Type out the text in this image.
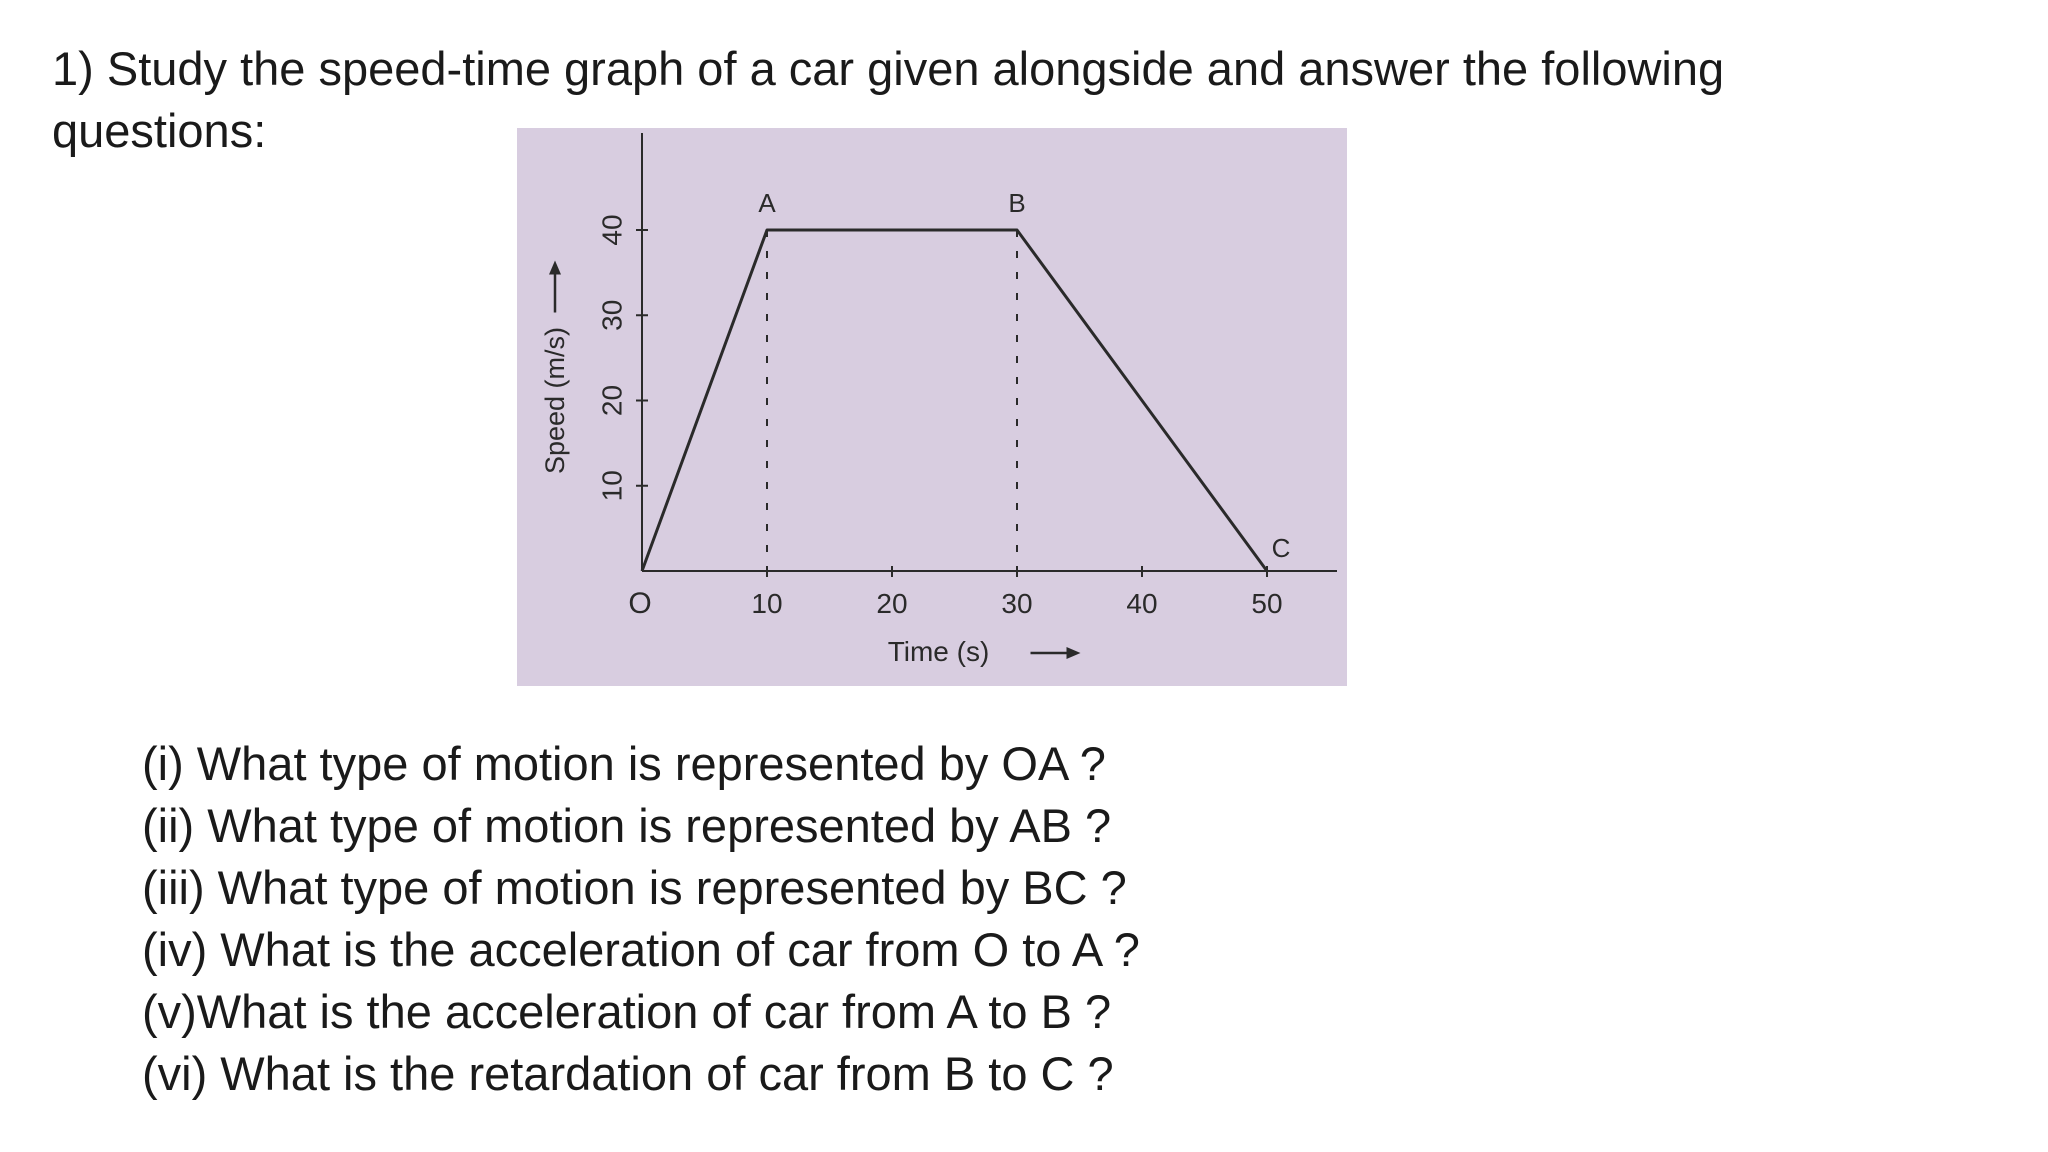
1) Study the speed-time graph of a car given alongside and answer the following
questions:
10	20	30	40	50
10
20
30
40
O
Time (s)
Speed (m/s)
A	B
C
(i) What type of motion is represented by OA ?
(ii) What type of motion is represented by AB ?
(iii) What type of motion is represented by BC ?
(iv) What is the acceleration of car from O to A ?
(v)What is the acceleration of car from A to B ?
(vi) What is the retardation of car from B to C ?
